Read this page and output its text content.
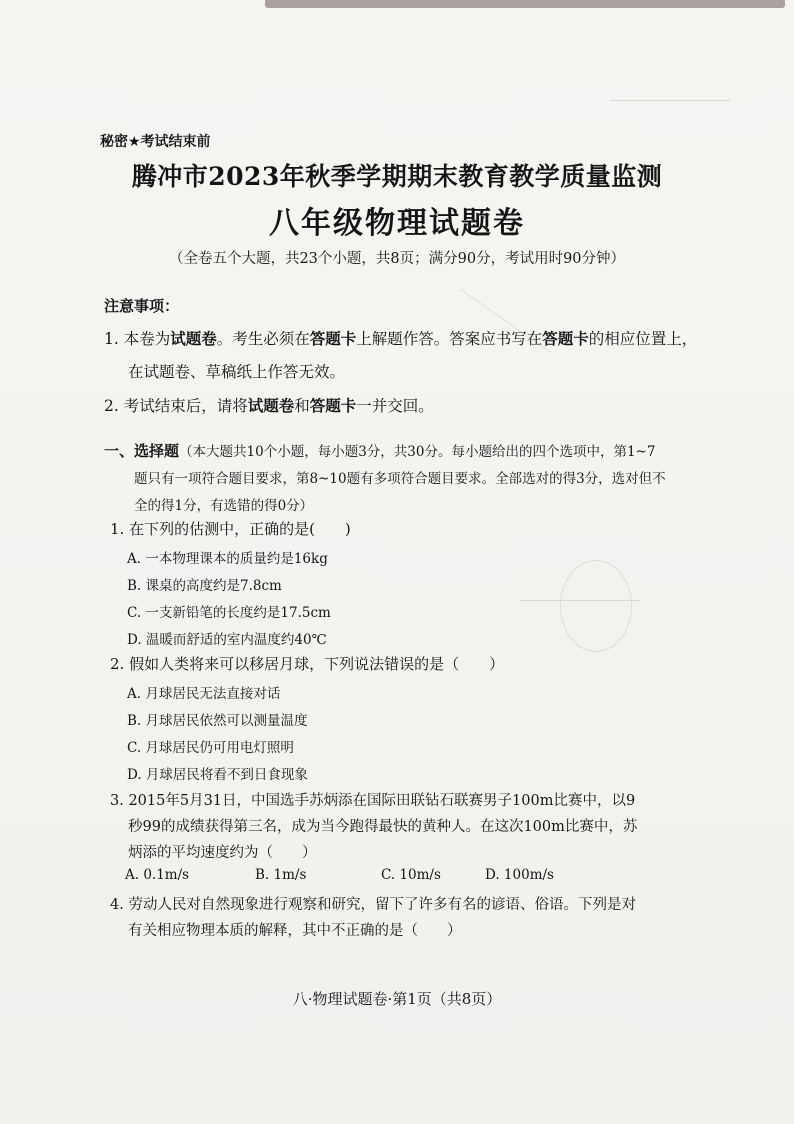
秘密★考试结束前
腾冲市2023年秋季学期期末教育教学质量监测
八年级物理试题卷
（全卷五个大题，共23个小题，共8页；满分90分，考试用时90分钟）
注意事项：
1. 本卷为试题卷。考生必须在答题卡上解题作答。答案应书写在答题卡的相应位置上，
在试题卷、草稿纸上作答无效。
2. 考试结束后，请将试题卷和答题卡一并交回。
一、选择题（本大题共10个小题，每小题3分，共30分。每小题给出的四个选项中，第1~7
题只有一项符合题目要求，第8~10题有多项符合题目要求。全部选对的得3分，选对但不
全的得1分，有选错的得0分）
1. 在下列的估测中，正确的是(　　)
A. 一本物理课本的质量约是16kg
B. 课桌的高度约是7.8cm
C. 一支新铅笔的长度约是17.5cm
D. 温暖而舒适的室内温度约40℃
2. 假如人类将来可以移居月球，下列说法错误的是（　　）
A. 月球居民无法直接对话
B. 月球居民依然可以测量温度
C. 月球居民仍可用电灯照明
D. 月球居民将看不到日食现象
3. 2015年5月31日，中国选手苏炳添在国际田联钻石联赛男子100m比赛中，以9
秒99的成绩获得第三名，成为当今跑得最快的黄种人。在这次100m比赛中，苏
炳添的平均速度约为（　　）
A. 0.1m/s	B. 1m/s	C. 10m/s	D. 100m/s
4. 劳动人民对自然现象进行观察和研究，留下了许多有名的谚语、俗语。下列是对
有关相应物理本质的解释，其中不正确的是（　　）
八·物理试题卷·第1页（共8页）
